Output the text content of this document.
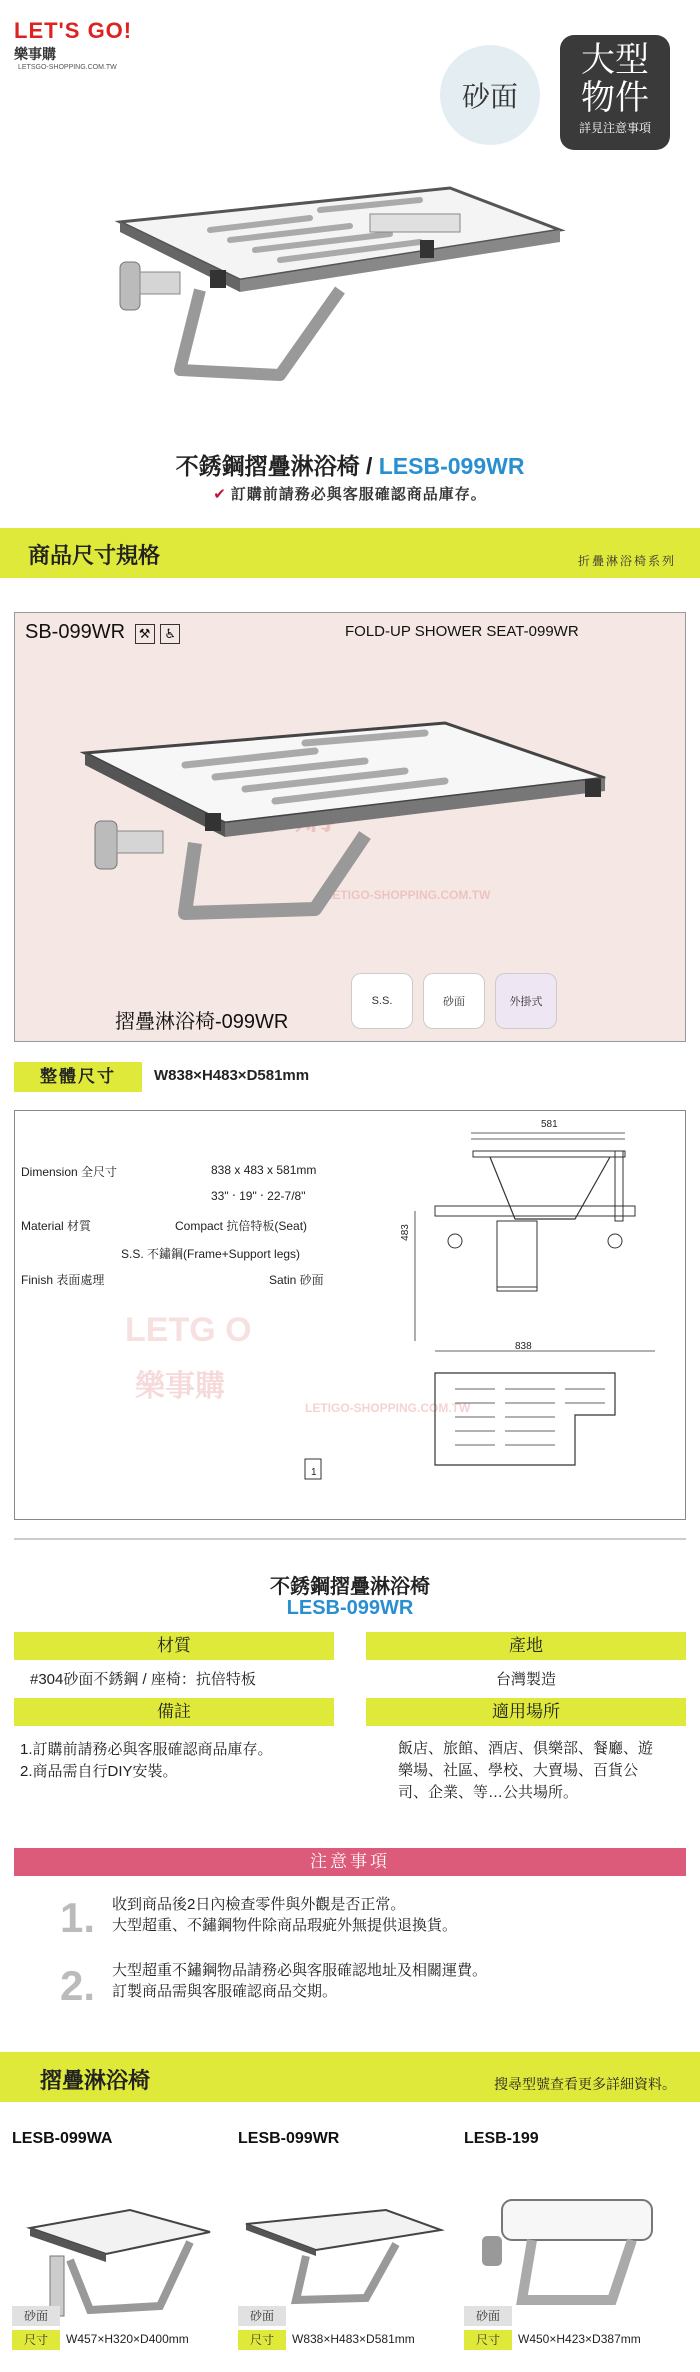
LET'S GO!
樂事購
LETSGO-SHOPPING.COM.TW
砂面
大型
物件
詳見注意事項
不銹鋼摺疊淋浴椅 / LESB-099WR
✔ 訂購前請務必與客服確認商品庫存。
商品尺寸規格	折疊淋浴椅系列
SB-099WR ⚒ ♿	FOLD-UP SHOWER SEAT-099WR
LETIGO-SHOPPING.COM.TW
S.S.	砂面	外掛式
摺疊淋浴椅-099WR
整體尺寸	W838×H483×D581mm
Dimension 全尺寸	838 x 483 x 581mm
33" ‧ 19" ‧ 22-7/8"
Material 材質	Compact 抗倍特板(Seat)
S.S. 不鏽鋼(Frame+Support legs)
Finish 表面處理	Satin 砂面
LETG O
樂事購
LETIGO-SHOPPING.COM.TW
581
483
838
1
不銹鋼摺疊淋浴椅
LESB-099WR
材質	產地
#304砂面不銹鋼 / 座椅：抗倍特板	台灣製造
備註	適用場所
1.訂購前請務必與客服確認商品庫存。
2.商品需自行DIY安裝。
飯店、旅館、酒店、俱樂部、餐廳、遊樂場、社區、學校、大賣場、百貨公司、企業、等…公共場所。
注意事項
1. 收到商品後2日內檢查零件與外觀是否正常。
大型超重、不鏽鋼物件除商品瑕疵外無提供退換貨。
2. 大型超重不鏽鋼物品請務必與客服確認地址及相關運費。
訂製商品需與客服確認商品交期。
摺疊淋浴椅	搜尋型號查看更多詳細資料。
LESB-099WA	LESB-099WR	LESB-199
砂面	砂面	砂面
尺寸	尺寸	尺寸
W457×H320×D400mm	W838×H483×D581mm	W450×H423×D387mm
